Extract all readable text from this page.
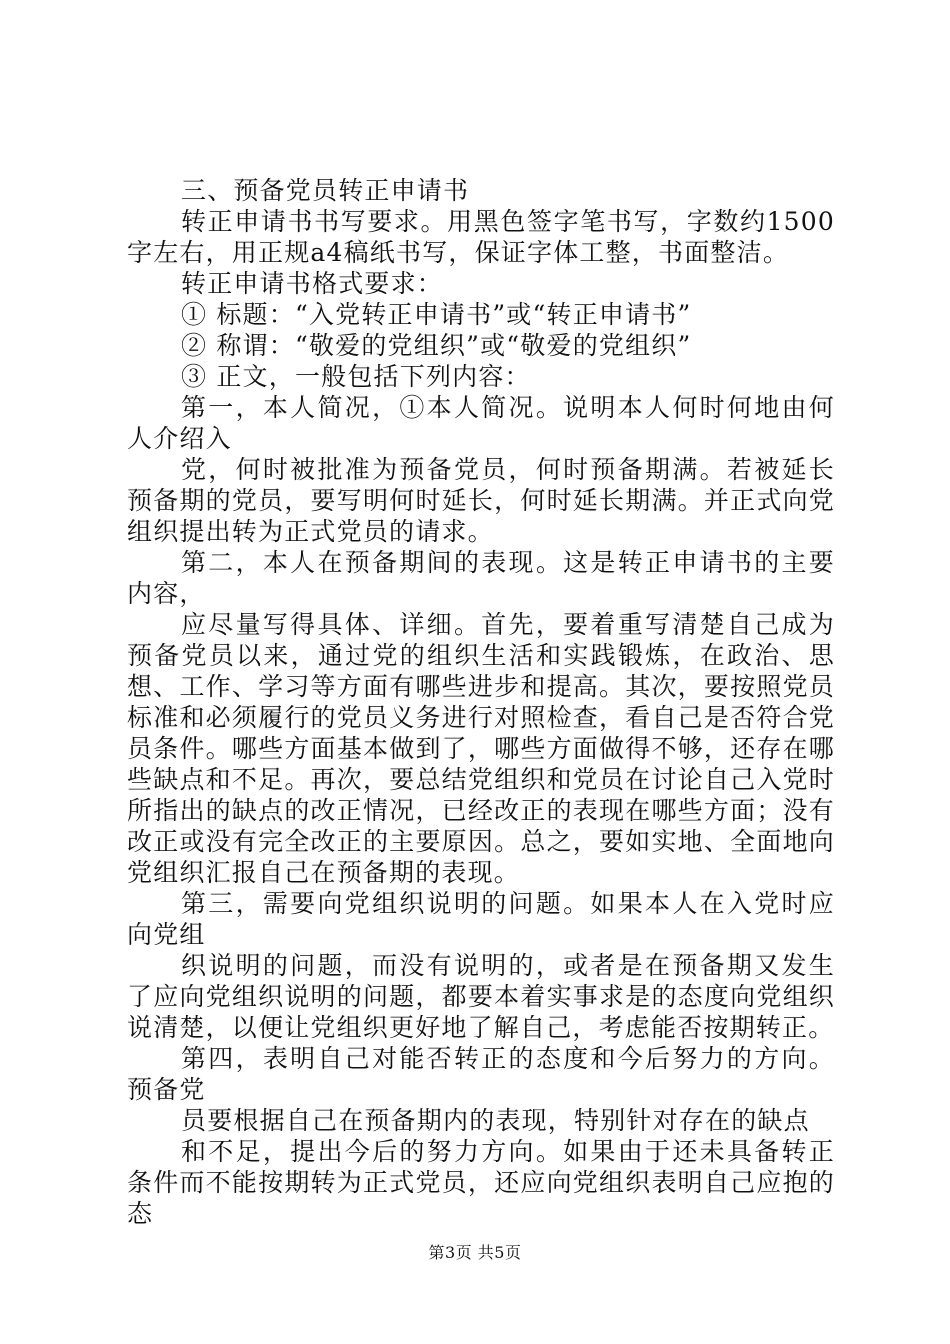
三、预备党员转正申请书

转正申请书书写要求。用黑色签字笔书写，字数约1500字左右，用正规a4稿纸书写，保证字体工整，书面整洁。

转正申请书格式要求：

① 标题：“入党转正申请书”或“转正申请书”

② 称谓：“敬爱的党组织”或“敬爱的党组织”

③ 正文，一般包括下列内容：

第一，本人简况，①本人简况。说明本人何时何地由何人介绍入

党，何时被批准为预备党员，何时预备期满。若被延长预备期的党员，要写明何时延长，何时延长期满。并正式向党组织提出转为正式党员的请求。

第二，本人在预备期间的表现。这是转正申请书的主要内容，

应尽量写得具体、详细。首先，要着重写清楚自己成为预备党员以来，通过党的组织生活和实践锻炼，在政治、思想、工作、学习等方面有哪些进步和提高。其次，要按照党员标准和必须履行的党员义务进行对照检查，看自己是否符合党员条件。哪些方面基本做到了，哪些方面做得不够，还存在哪些缺点和不足。再次，要总结党组织和党员在讨论自己入党时所指出的缺点的改正情况，已经改正的表现在哪些方面；没有改正或没有完全改正的主要原因。总之，要如实地、全面地向党组织汇报自己在预备期的表现。

第三，需要向党组织说明的问题。如果本人在入党时应向党组

织说明的问题，而没有说明的，或者是在预备期又发生了应向党组织说明的问题，都要本着实事求是的态度向党组织说清楚，以便让党组织更好地了解自己，考虑能否按期转正。

第四，表明自己对能否转正的态度和今后努力的方向。预备党

员要根据自己在预备期内的表现，特别针对存在的缺点

和不足，提出今后的努力方向。如果由于还未具备转正条件而不能按期转为正式党员，还应向党组织表明自己应抱的态

第3页 共5页
